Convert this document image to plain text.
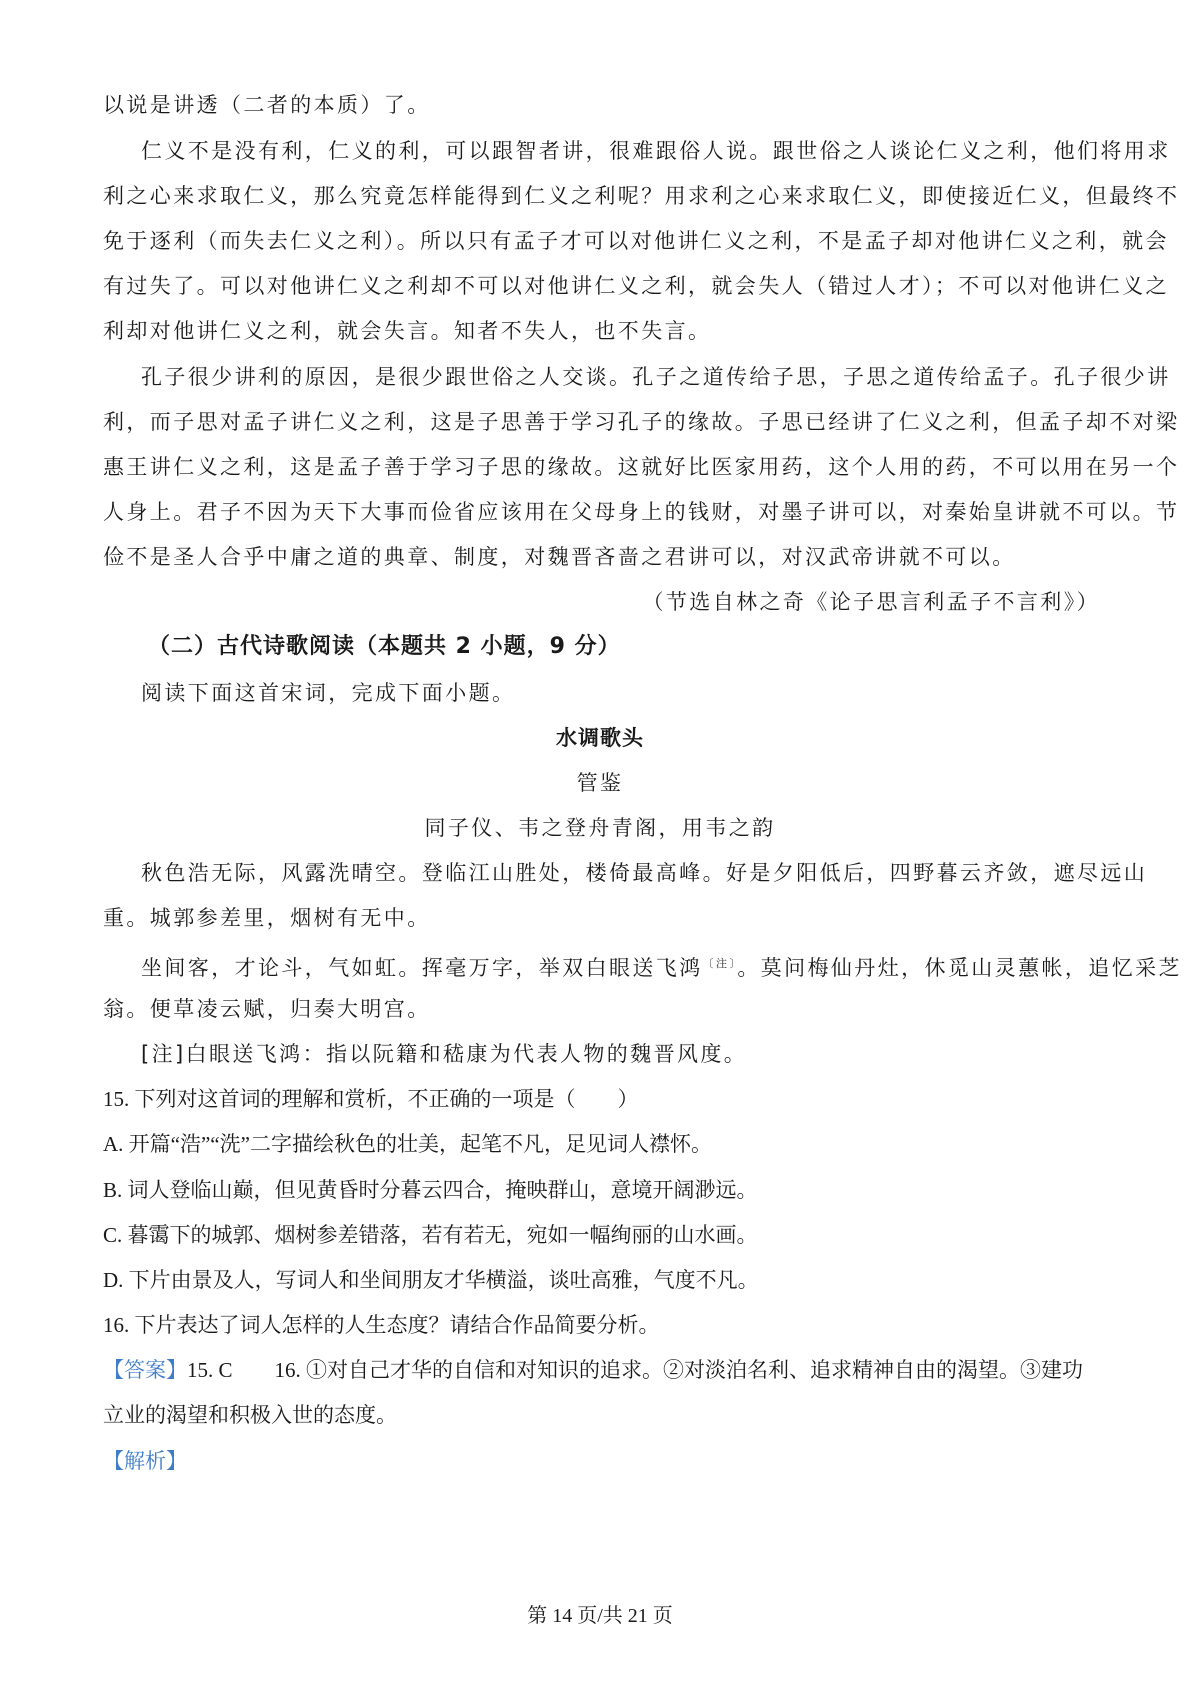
以说是讲透（二者的本质）了。
仁义不是没有利，仁义的利，可以跟智者讲，很难跟俗人说。跟世俗之人谈论仁义之利，他们将用求
利之心来求取仁义，那么究竟怎样能得到仁义之利呢？用求利之心来求取仁义，即使接近仁义，但最终不
免于逐利（而失去仁义之利）。所以只有孟子才可以对他讲仁义之利，不是孟子却对他讲仁义之利，就会
有过失了。可以对他讲仁义之利却不可以对他讲仁义之利，就会失人（错过人才）；不可以对他讲仁义之
利却对他讲仁义之利，就会失言。知者不失人，也不失言。
孔子很少讲利的原因，是很少跟世俗之人交谈。孔子之道传给子思，子思之道传给孟子。孔子很少讲
利，而子思对孟子讲仁义之利，这是子思善于学习孔子的缘故。子思已经讲了仁义之利，但孟子却不对梁
惠王讲仁义之利，这是孟子善于学习子思的缘故。这就好比医家用药，这个人用的药，不可以用在另一个
人身上。君子不因为天下大事而俭省应该用在父母身上的钱财，对墨子讲可以，对秦始皇讲就不可以。节
俭不是圣人合乎中庸之道的典章、制度，对魏晋吝啬之君讲可以，对汉武帝讲就不可以。
（节选自林之奇《论子思言利孟子不言利》）
（二）古代诗歌阅读（本题共 2 小题，9 分）
阅读下面这首宋词，完成下面小题。
水调歌头
管鉴
同子仪、韦之登舟青阁，用韦之韵
秋色浩无际，风露洗晴空。登临江山胜处，楼倚最高峰。好是夕阳低后，四野暮云齐敛，遮尽远山
重。城郭参差里，烟树有无中。
坐间客，才论斗，气如虹。挥毫万字，举双白眼送飞鸿$^{〔注〕}$。莫问梅仙丹灶，休觅山灵蕙帐，追忆采芝
翁。便草凌云赋，归奏大明宫。
[注]白眼送飞鸿：指以阮籍和嵇康为代表人物的魏晋风度。
15. 下列对这首词的理解和赏析，不正确的一项是（　　）
A. 开篇“浩”“洗”二字描绘秋色的壮美，起笔不凡，足见词人襟怀。
B. 词人登临山巅，但见黄昏时分暮云四合，掩映群山，意境开阔渺远。
C. 暮霭下的城郭、烟树参差错落，若有若无，宛如一幅绚丽的山水画。
D. 下片由景及人，写词人和坐间朋友才华横溢，谈吐高雅，气度不凡。
16. 下片表达了词人怎样的人生态度？请结合作品简要分析。
【答案】15. C　　16. ①对自己才华的自信和对知识的追求。②对淡泊名利、追求精神自由的渴望。③建功
立业的渴望和积极入世的态度。
【解析】
第 14 页/共 21 页
